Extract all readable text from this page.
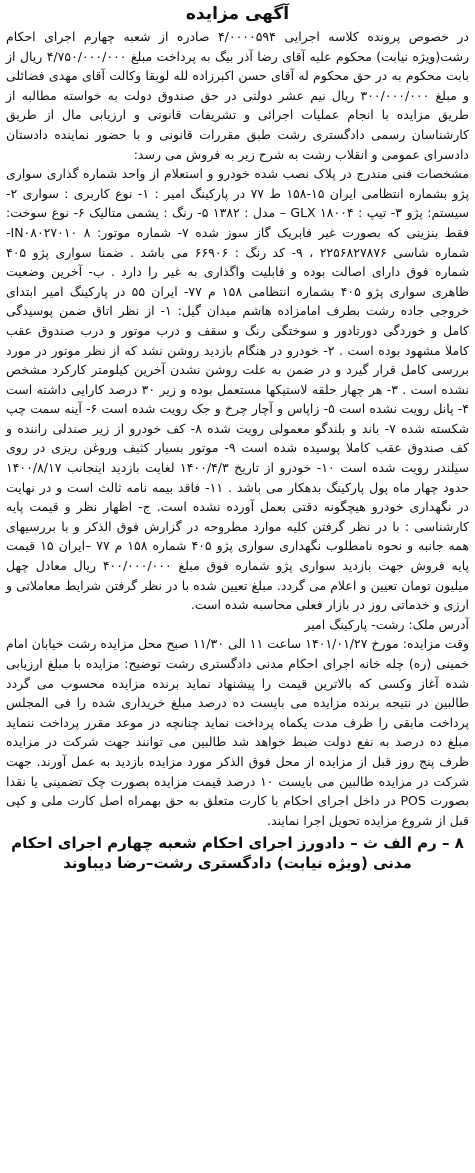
آگهی مزایده

در خصوص پرونده کلاسه اجرایی ۴/۰۰۰۰۵۹۴ صادره از شعبه چهارم اجرای احکام رشت(ویژه نیابت) محکوم علیه آقای رضا آذر بیگ به پرداخت مبلغ ۴/۷۵۰/۰۰۰/۰۰۰ ریال از بابت محکوم به در حق محکوم له آقای حسن اکبرزاده لله لوبقا وکالت آقای مهدی فضائلی و مبلغ ۳۰۰/۰۰۰/۰۰۰ ریال نیم عشر دولتی در حق صندوق دولت به خواسته مطالبه از طریق مزایده با انجام عملیات اجرائی و تشریفات قانونی و ارزیابی مال از طریق کارشناسان رسمی دادگستری رشت طبق مقررات قانونی و با حضور نماینده دادستان دادسرای عمومی و انقلاب رشت به شرح زیر به فروش می رسد:

مشخصات فنی مندرج در پلاک نصب شده خودرو و استعلام از واحد شماره گذاری سواری پژو بشماره انتظامی ایران ۱۵-۱۵۸ ط ۷۷ در پارکینگ امیر : ۱- نوع کاربری : سواری ۲- سیستم: پژو ۳- تیپ : GLX ۱۸۰۰۴ – مدل : ۱۳۸۲ ۵- رنگ : یشمی متالیک ۶- نوع سوخت: فقط بنزینی که بصورت غیر فابریک گاز سوز شده ۷- شماره موتور: IN۰۸۰۲۷۰۱۰ ۸- شماره شاسی ۲۲۵۶۸۲۷۸۷۶ ، ۹- کد رنگ : ۶۶۹۰۶ می باشد . ضمنا سواری پژو ۴۰۵ شماره فوق دارای اصالت بوده و قابلیت واگذاری به غیر را دارد . ب- آخرین وضعیت ظاهری سواری پژو ۴۰۵ بشماره انتظامی ۱۵۸ م ۷۷- ایران ۵۵ در پارکینگ امیر ابتدای خروجی جاده رشت بطرف امامزاده هاشم میدان گیل: ۱- از نظر اتاق ضمن پوسیدگی کامل و خوردگی دورتادور و سوختگی رنگ و سقف و درب موتور و درب صندوق عقب کاملا مشهود بوده است . ۲- خودرو در هنگام بازدید روشن نشد که از نظر موتور در مورد بررسی کامل قرار گیرد و در ضمن به علت روشن نشدن آخرین کیلومتر کارکرد مشخص نشده است . ۳- هر چهار حلقه لاستیکها مستعمل بوده و زیر ۳۰ درصد کارایی داشته است ۴- پانل رویت نشده است ۵- زاپاس و آچار چرخ و جک رویت شده است ۶- آینه سمت چپ شکسته شده ۷- باند و بلندگو معمولی رویت شده ۸- کف خودرو از زیر صندلی راننده و کف صندوق عقب کاملا پوسیده شده است ۹- موتور بسیار کثیف وروغن ریزی در روی سیلندر رویت شده است ۱۰- خودرو از تاریخ ۱۴۰۰/۴/۳ لغایت بازدید اینجانب ۱۴۰۰/۸/۱۷ حدود چهار ماه پول پارکینگ بدهکار می باشد . ۱۱- فاقد بیمه نامه ثالث است و در نهایت در نگهداری خودرو هیچگونه دقتی بعمل آورده نشده است. ج- اظهار نظر و قیمت پایه کارشناسی : با در نظر گرفتن کلیه موارد مطروحه در گزارش فوق الذکر و با بررسیهای همه جانبه و نحوه نامطلوب نگهداری سواری پژو ۴۰۵ شماره ۱۵۸ م ۷۷ –ایران ۱۵ قیمت پایه فروش جهت بازدید سواری پژو شماره فوق مبلغ ۴۰۰/۰۰۰/۰۰۰ ریال معادل چهل میلیون تومان تعیین و اعلام می گردد. مبلغ تعیین شده با در نظر گرفتن شرایط معاملاتی و ارزی و خدماتی روز در بازار فعلی محاسبه شده است.

آدرس ملک: رشت- پارکینگ امیر

وقت مزایده: مورخ ۱۴۰۱/۰۱/۲۷ ساعت ۱۱ الی ۱۱/۳۰ صبح محل مزایده رشت خیابان امام خمینی (ره) چله خانه اجرای احکام مدنی دادگستری رشت توضیح: مزایده با مبلغ ارزیابی شده آغاز وکسی که بالاترین قیمت را پیشنهاد نماید برنده مزایده محسوب می گردد طالبین در نتیجه برنده مزایده می بایست ده درصد مبلغ خریداری شده را فی المجلس پرداخت مابقی را ظرف مدت یکماه پرداخت نماید چنانچه در موعد مقرر پرداخت ننماید مبلغ ده درصد به نفع دولت ضبط خواهد شد طالبین می توانند جهت شرکت در مزایده ظرف پنج روز قبل از مزایده از محل فوق الذکر مورد مزایده بازدید به عمل آورند. جهت شرکت در مزایده طالبین می بایست ۱۰ درصد قیمت مزایده بصورت چک تضمینی یا نقدا بصورت POS در داخل اجرای احکام با کارت متعلق به حق بهمراه اصل کارت ملی و کپی قبل از شروع مزایده تحویل اجرا نمایند.

۸ – رم الف ث – دادورز اجرای احکام شعبه چهارم اجرای احکام
مدنی (ویژه نیابت) دادگستری رشت–رضا دیباوند
